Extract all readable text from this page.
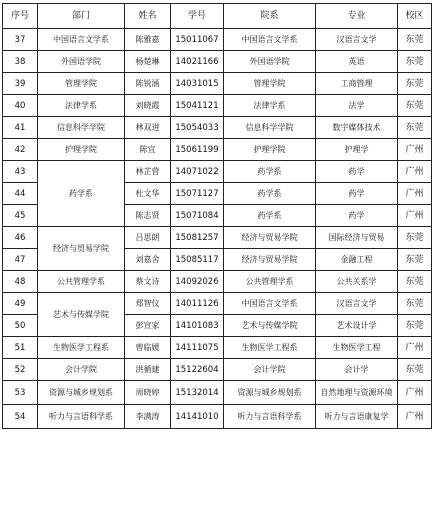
序号	部门	姓名	学号	院系	专业	校区
37	中国语言文学系	陈雅嘉	15011067	中国语言文学系	汉语言文学	东莞
38	外国语学院	杨楚琳	14021166	外国语学院	英语	东莞
39	管理学院	陈锐涵	14031015	管理学院	工商管理	东莞
40	法律学系	刘晓霞	15041121	法律学系	法学	东莞
41	信息科学学院	林双进	15054033	信息科学学院	数字媒体技术	东莞
42	护理学院	陈宜	15061199	护理学院	护理学	广州
43	药学系	林芷营	14071022	药学系	药学	广州
44		杜文华	15071127	药学系	药学	广州
45		陈志贤	15071084	药学系	药学	广州
46	经济与贸易学院	吕思朗	15081257	经济与贸易学院	国际经济与贸易	东莞
47		刘嘉舍	15085117	经济与贸易学院	金融工程	东莞
48	公共管理学系	蔡文诗	14092026	公共管理学系	公共关系学	东莞
49	艺术与传媒学院	郑智仪	14011126	中国语言文学系	汉语言文学	东莞
50		彭宣家	14101083	艺术与传媒学院	艺术设计学	东莞
51	生物医学工程系	曾临媛	14111075	生物医学工程系	生物医学工程	广州
52	会计学院	洪循建	15122604	会计学院	会计学	东莞
53	资源与城乡规划系	周晓婷	15132014	资源与城乡规划系	自然地理与资源环境	广州
54	听力与言语科学系	李满涛	14141010	听力与言语科学系	听力与言语康复学	广州
